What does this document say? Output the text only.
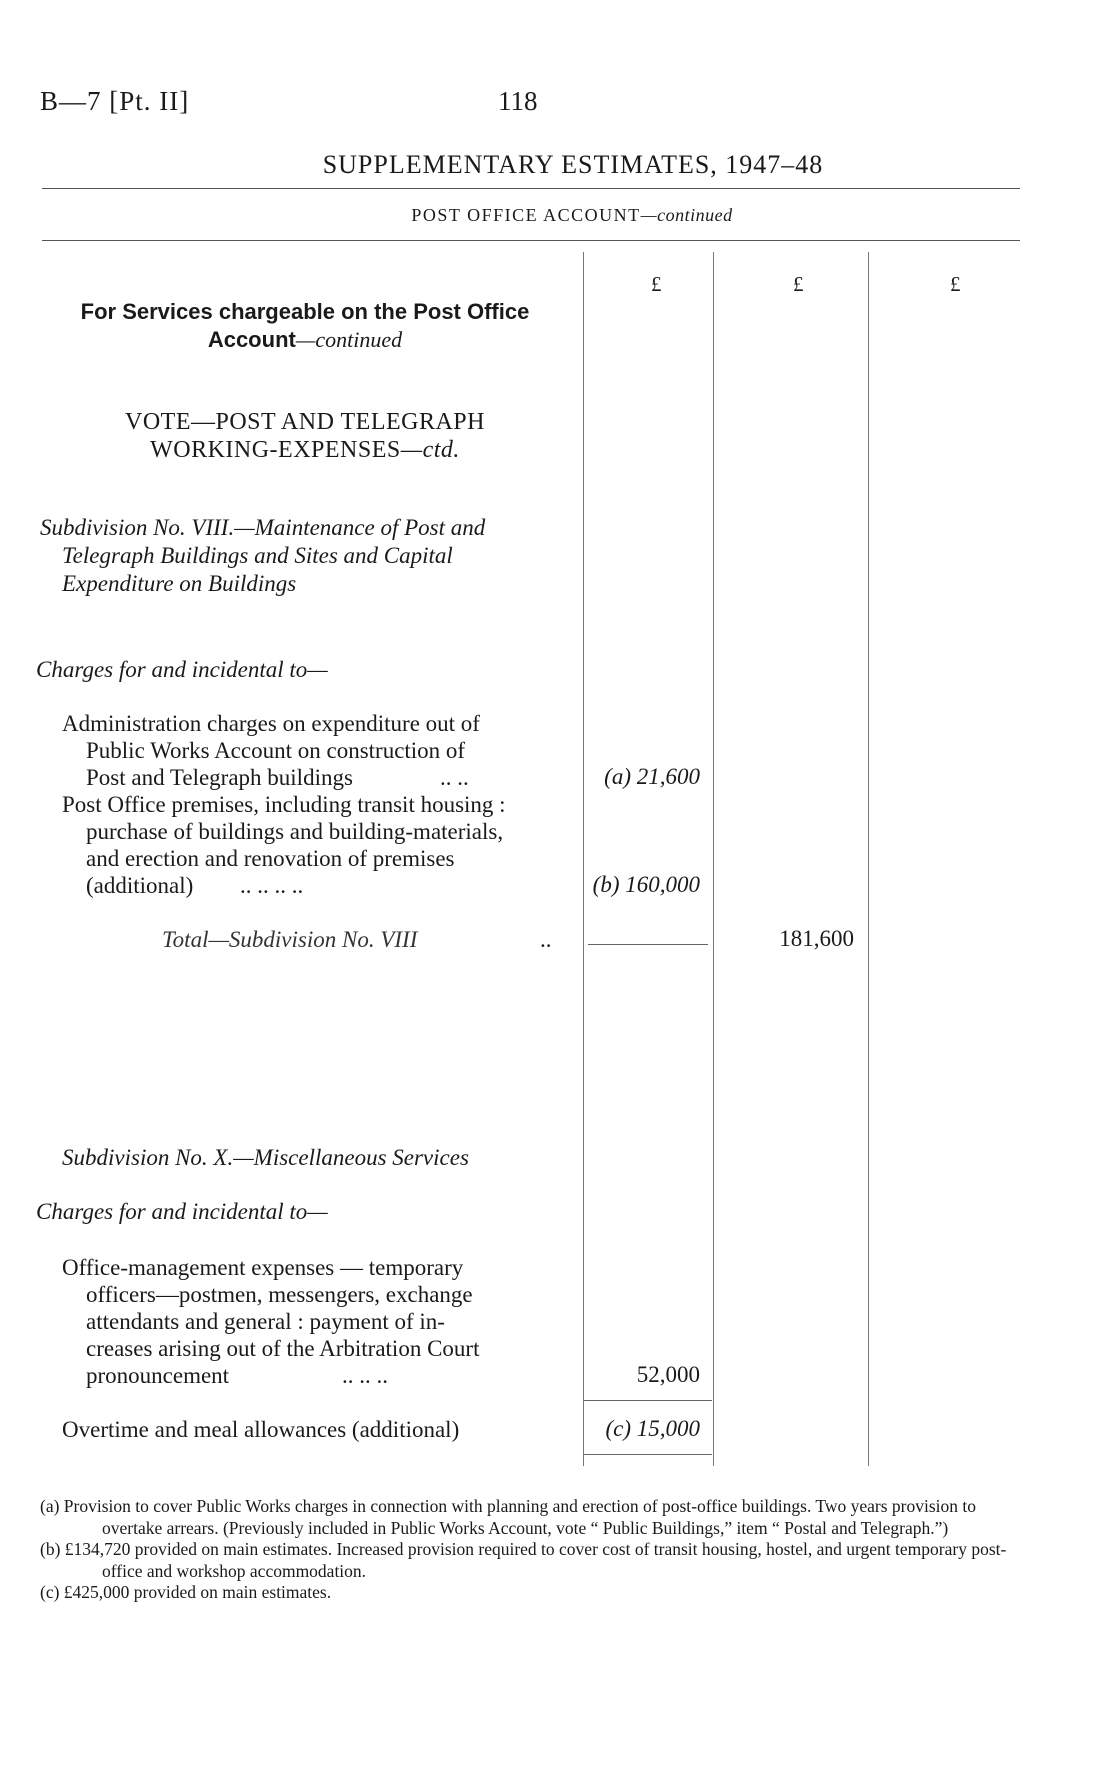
B—7 [Pt. II]	118
SUPPLEMENTARY ESTIMATES, 1947–48
POST OFFICE ACCOUNT—continued
£	£	£
For Services chargeable on the Post Office Account—continued
VOTE—POST AND TELEGRAPH
WORKING-EXPENSES—ctd.
Subdivision No. VIII.—Maintenance of Post and
Telegraph Buildings and Sites and Capital
Expenditure on Buildings
Charges for and incidental to—
Administration charges on expenditure out of
Public Works Account on construction of
Post and Telegraph buildings	.. ..	(a) 21,600
Post Office premises, including transit housing :
purchase of buildings and building-materials,
and erection and renovation of premises
(additional) .. .. .. ..	(b) 160,000
Total—Subdivision No. VIII	..	181,600
Subdivision No. X.—Miscellaneous Services
Charges for and incidental to—
Office-management expenses — temporary
officers—postmen, messengers, exchange
attendants and general : payment of in-
creases arising out of the Arbitration Court
pronouncement	.. .. ..	52,000
Overtime and meal allowances (additional)	(c) 15,000
(a) Provision to cover Public Works charges in connection with planning and erection of post-office buildings. Two years provision to overtake arrears. (Previously included in Public Works Account, vote “ Public Buildings,” item “ Postal and Telegraph.”)
(b) £134,720 provided on main estimates. Increased provision required to cover cost of transit housing, hostel, and urgent temporary post-office and workshop accommodation.
(c) £425,000 provided on main estimates.
